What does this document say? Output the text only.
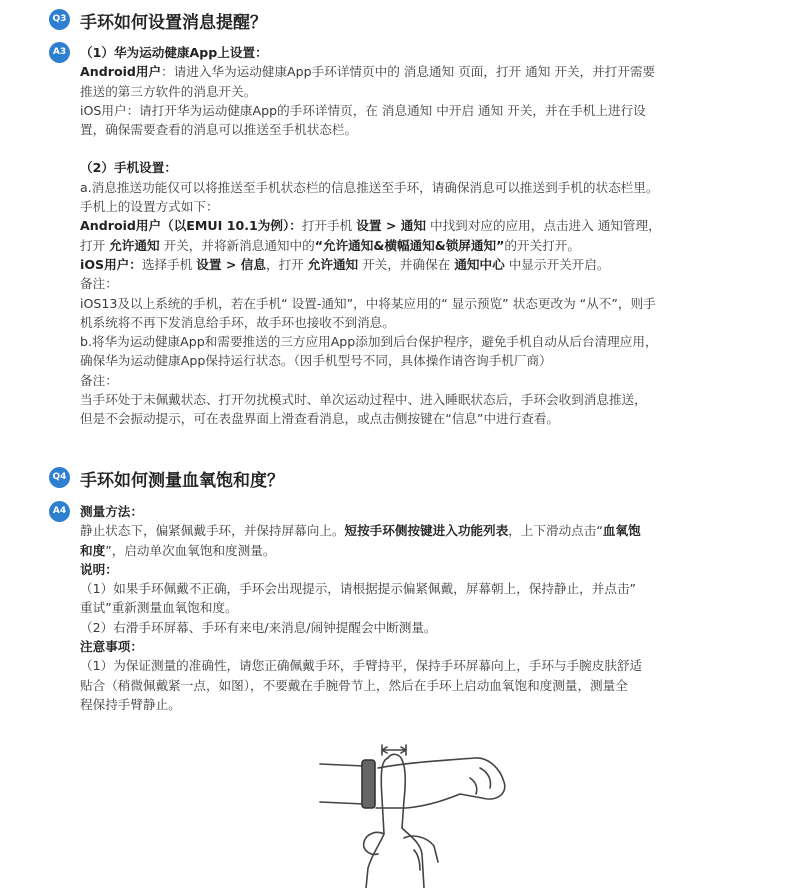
Q3 手环如何设置消息提醒？
A3	（1）华为运动健康App上设置：
Android用户：请进入华为运动健康App手环详情页中的 消息通知 页面，打开 通知 开关，并打开需要
推送的第三方软件的消息开关。
iOS用户：请打开华为运动健康App的手环详情页，在 消息通知 中开启 通知 开关，并在手机上进行设
置，确保需要查看的消息可以推送至手机状态栏。
（2）手机设置：
a.消息推送功能仅可以将推送至手机状态栏的信息推送至手环，请确保消息可以推送到手机的状态栏里。
手机上的设置方式如下：
Android用户（以EMUI 10.1为例）：打开手机 设置 > 通知 中找到对应的应用，点击进入 通知管理，
打开 允许通知 开关，并将新消息通知中的“允许通知&横幅通知&锁屏通知”的开关打开。
iOS用户：选择手机 设置 > 信息，打开 允许通知 开关，并确保在 通知中心 中显示开关开启。
备注：
iOS13及以上系统的手机，若在手机“ 设置-通知”，中将某应用的“ 显示预览” 状态更改为 “从不”，则手
机系统将不再下发消息给手环，故手环也接收不到消息。
b.将华为运动健康App和需要推送的三方应用App添加到后台保护程序，避免手机自动从后台清理应用，
确保华为运动健康App保持运行状态。（因手机型号不同，具体操作请咨询手机厂商）
备注：
当手环处于未佩戴状态、打开勿扰模式时、单次运动过程中、进入睡眠状态后，手环会收到消息推送，
但是不会振动提示，可在表盘界面上滑查看消息，或点击侧按键在“信息”中进行查看。
Q4 手环如何测量血氧饱和度？
A4	测量方法：
静止状态下，偏紧佩戴手环，并保持屏幕向上。短按手环侧按键进入功能列表，上下滑动点击“血氧饱
和度”，启动单次血氧饱和度测量。
说明：
（1）如果手环佩戴不正确，手环会出现提示，请根据提示偏紧佩戴，屏幕朝上，保持静止，并点击”
重试”重新测量血氧饱和度。
（2）右滑手环屏幕、手环有来电/来消息/闹钟提醒会中断测量。
注意事项：
（1）为保证测量的准确性，请您正确佩戴手环，手臂持平，保持手环屏幕向上，手环与手腕皮肤舒适
贴合（稍微佩戴紧一点，如图），不要戴在手腕骨节上，然后在手环上启动血氧饱和度测量，测量全
程保持手臂静止。
